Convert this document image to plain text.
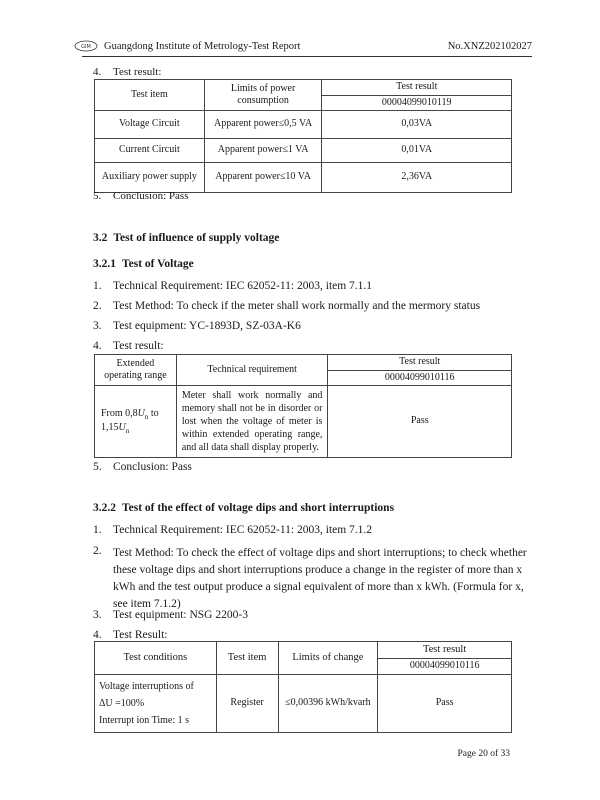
GIM Guangdong Institute of Metrology-Test Report	No.XNZ202102027
4. Test result:
Test item	Limits of power consumption	Test result
		00004099010119
Voltage Circuit	Apparent power≤0,5 VA	0,03VA
Current Circuit	Apparent power≤1 VA	0,01VA
Auxiliary power supply	Apparent power≤10 VA	2,36VA
5. Conclusion: Pass
3.2 Test of influence of supply voltage
3.2.1 Test of Voltage
1. Technical Requirement: IEC 62052-11: 2003, item 7.1.1
2. Test Method: To check if the meter shall work normally and the mermory status
3. Test equipment: YC-1893D, SZ-03A-K6
4. Test result:
Extended operating range	Technical requirement	Test result
		00004099010116
From $0,8U_n$ to
$1,15U_n$	Meter shall work normally and memory shall not be in disorder or lost when the voltage of meter is within extended operating range, and all data shall display properly.	Pass
5. Conclusion: Pass
3.2.2 Test of the effect of voltage dips and short interruptions
1. Technical Requirement: IEC 62052-11: 2003, item 7.1.2
2. Test Method: To check the effect of voltage dips and short interruptions; to check whether these voltage dips and short interruptions produce a change in the register of more than x kWh and the test output produce a signal equivalent of more than x kWh. (Formula for x, see item 7.1.2)
3. Test equipment: NSG 2200-3
4. Test Result:
Test conditions	Test item	Limits of change	Test result
			00004099010116

Voltage interruptions of
ΔU =100%
Interrupt ion Time: 1 s	Register	≤0,00396 kWh/kvarh	Pass
Page 20 of 33
